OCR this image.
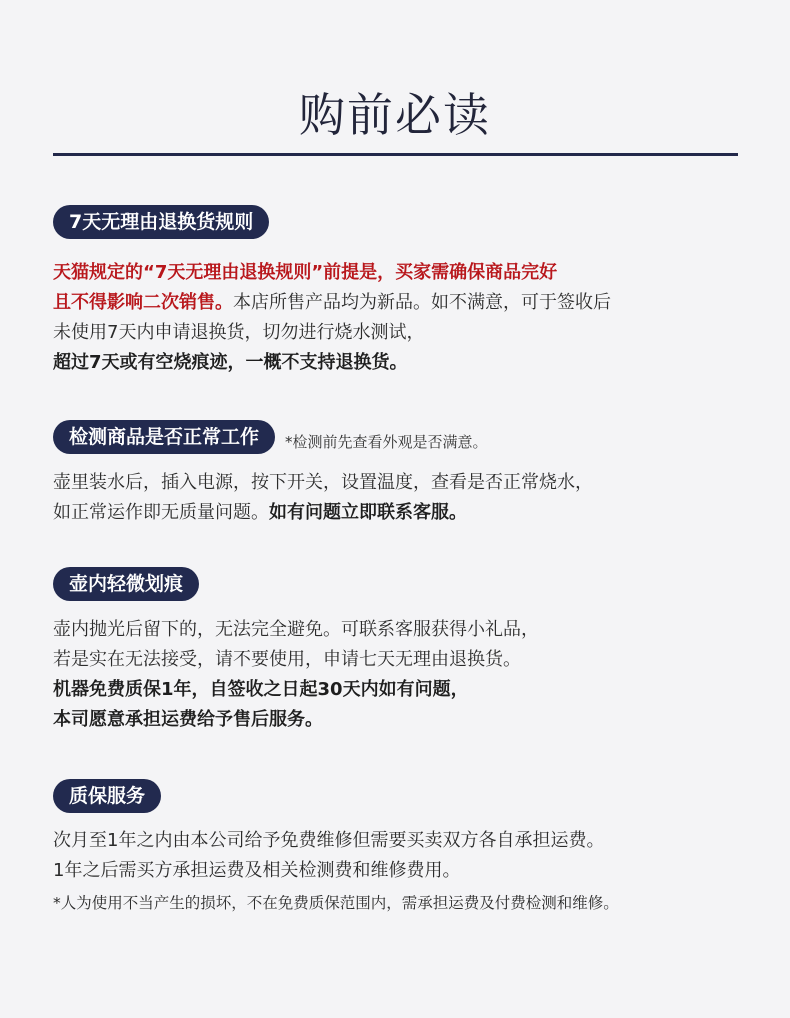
购前必读
7天无理由退换货规则
天猫规定的“7天无理由退换规则”前提是，买家需确保商品完好
且不得影响二次销售。本店所售产品均为新品。如不满意，可于签收后
未使用7天内申请退换货，切勿进行烧水测试，
超过7天或有空烧痕迹，一概不支持退换货。
检测商品是否正常工作 *检测前先查看外观是否满意。
壶里装水后，插入电源，按下开关，设置温度，查看是否正常烧水，
如正常运作即无质量问题。如有问题立即联系客服。
壶内轻微划痕
壶内抛光后留下的，无法完全避免。可联系客服获得小礼品，
若是实在无法接受，请不要使用，申请七天无理由退换货。
机器免费质保1年，自签收之日起30天内如有问题，
本司愿意承担运费给予售后服务。
质保服务
次月至1年之内由本公司给予免费维修但需要买卖双方各自承担运费。
1年之后需买方承担运费及相关检测费和维修费用。
*人为使用不当产生的损坏，不在免费质保范围内，需承担运费及付费检测和维修。
